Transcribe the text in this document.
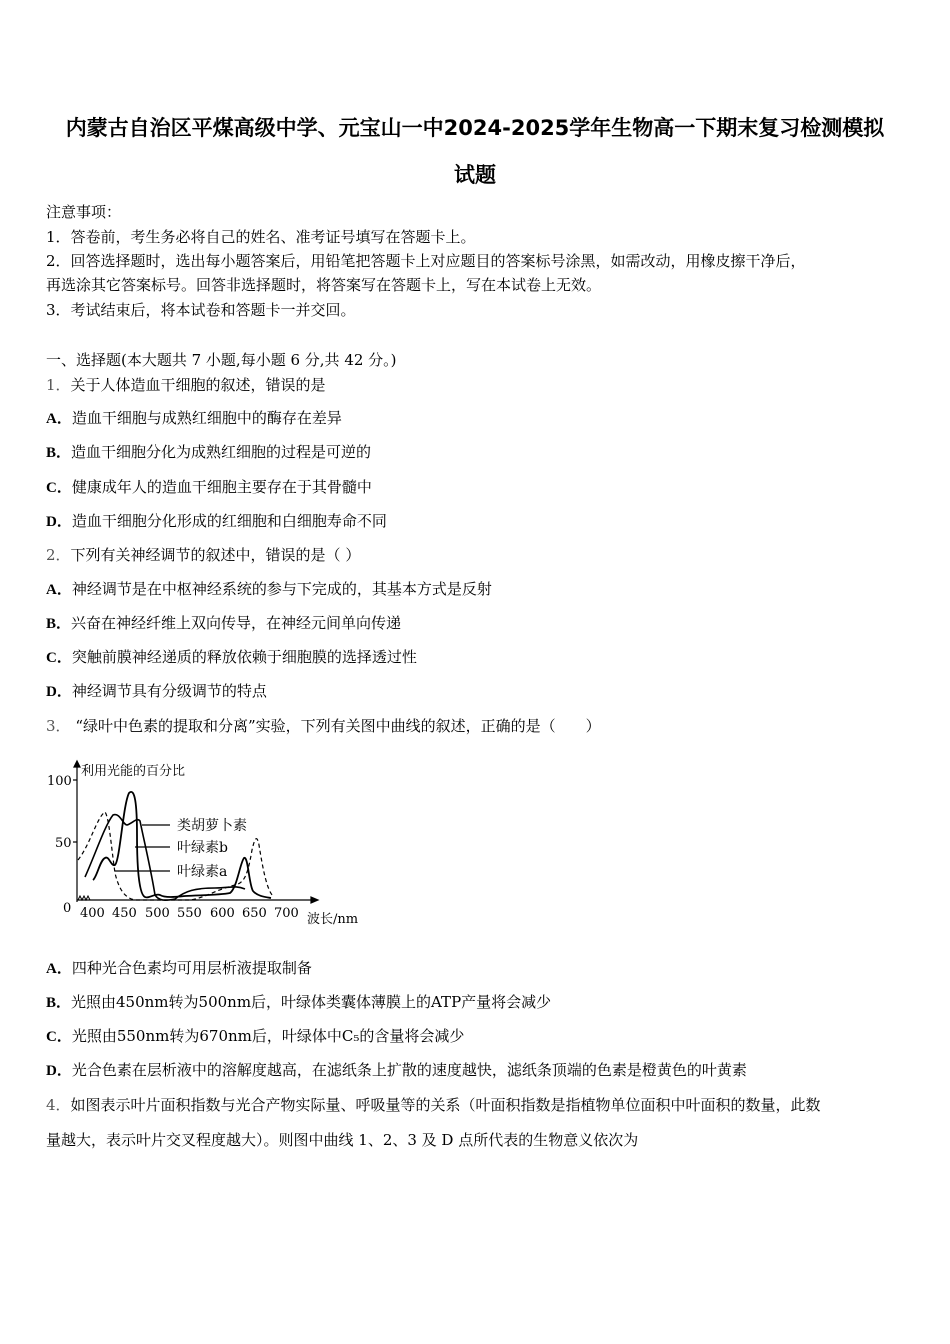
内蒙古自治区平煤高级中学、元宝山一中2024-2025学年生物高一下期末复习检测模拟
试题
注意事项：
1．答卷前，考生务必将自己的姓名、准考证号填写在答题卡上。
2．回答选择题时，选出每小题答案后，用铅笔把答题卡上对应题目的答案标号涂黑，如需改动，用橡皮擦干净后，
再选涂其它答案标号。回答非选择题时，将答案写在答题卡上，写在本试卷上无效。
3．考试结束后，将本试卷和答题卡一并交回。
一、选择题(本大题共 7 小题,每小题 6 分,共 42 分。)
1．关于人体造血干细胞的叙述，错误的是
A．造血干细胞与成熟红细胞中的酶存在差异
B．造血干细胞分化为成熟红细胞的过程是可逆的
C．健康成年人的造血干细胞主要存在于其骨髓中
D．造血干细胞分化形成的红细胞和白细胞寿命不同
2．下列有关神经调节的叙述中，错误的是（ ）
A．神经调节是在中枢神经系统的参与下完成的，其基本方式是反射
B．兴奋在神经纤维上双向传导，在神经元间单向传递
C．突触前膜神经递质的释放依赖于细胞膜的选择透过性
D．神经调节具有分级调节的特点
3． “绿叶中色素的提取和分离”实验，下列有关图中曲线的叙述，正确的是（　　）
利用光能的百分比
100
50
0 400 450 500 550 600 650 700 波长/nm
类胡萝卜素
叶绿素b
叶绿素a
A．四种光合色素均可用层析液提取制备
B．光照由450nm转为500nm后，叶绿体类囊体薄膜上的ATP产量将会减少
C．光照由550nm转为670nm后，叶绿体中C₅的含量将会减少
D．光合色素在层析液中的溶解度越高，在滤纸条上扩散的速度越快，滤纸条顶端的色素是橙黄色的叶黄素
4．如图表示叶片面积指数与光合产物实际量、呼吸量等的关系（叶面积指数是指植物单位面积中叶面积的数量，此数
量越大，表示叶片交叉程度越大）。则图中曲线 1、2、3 及 D 点所代表的生物意义依次为
